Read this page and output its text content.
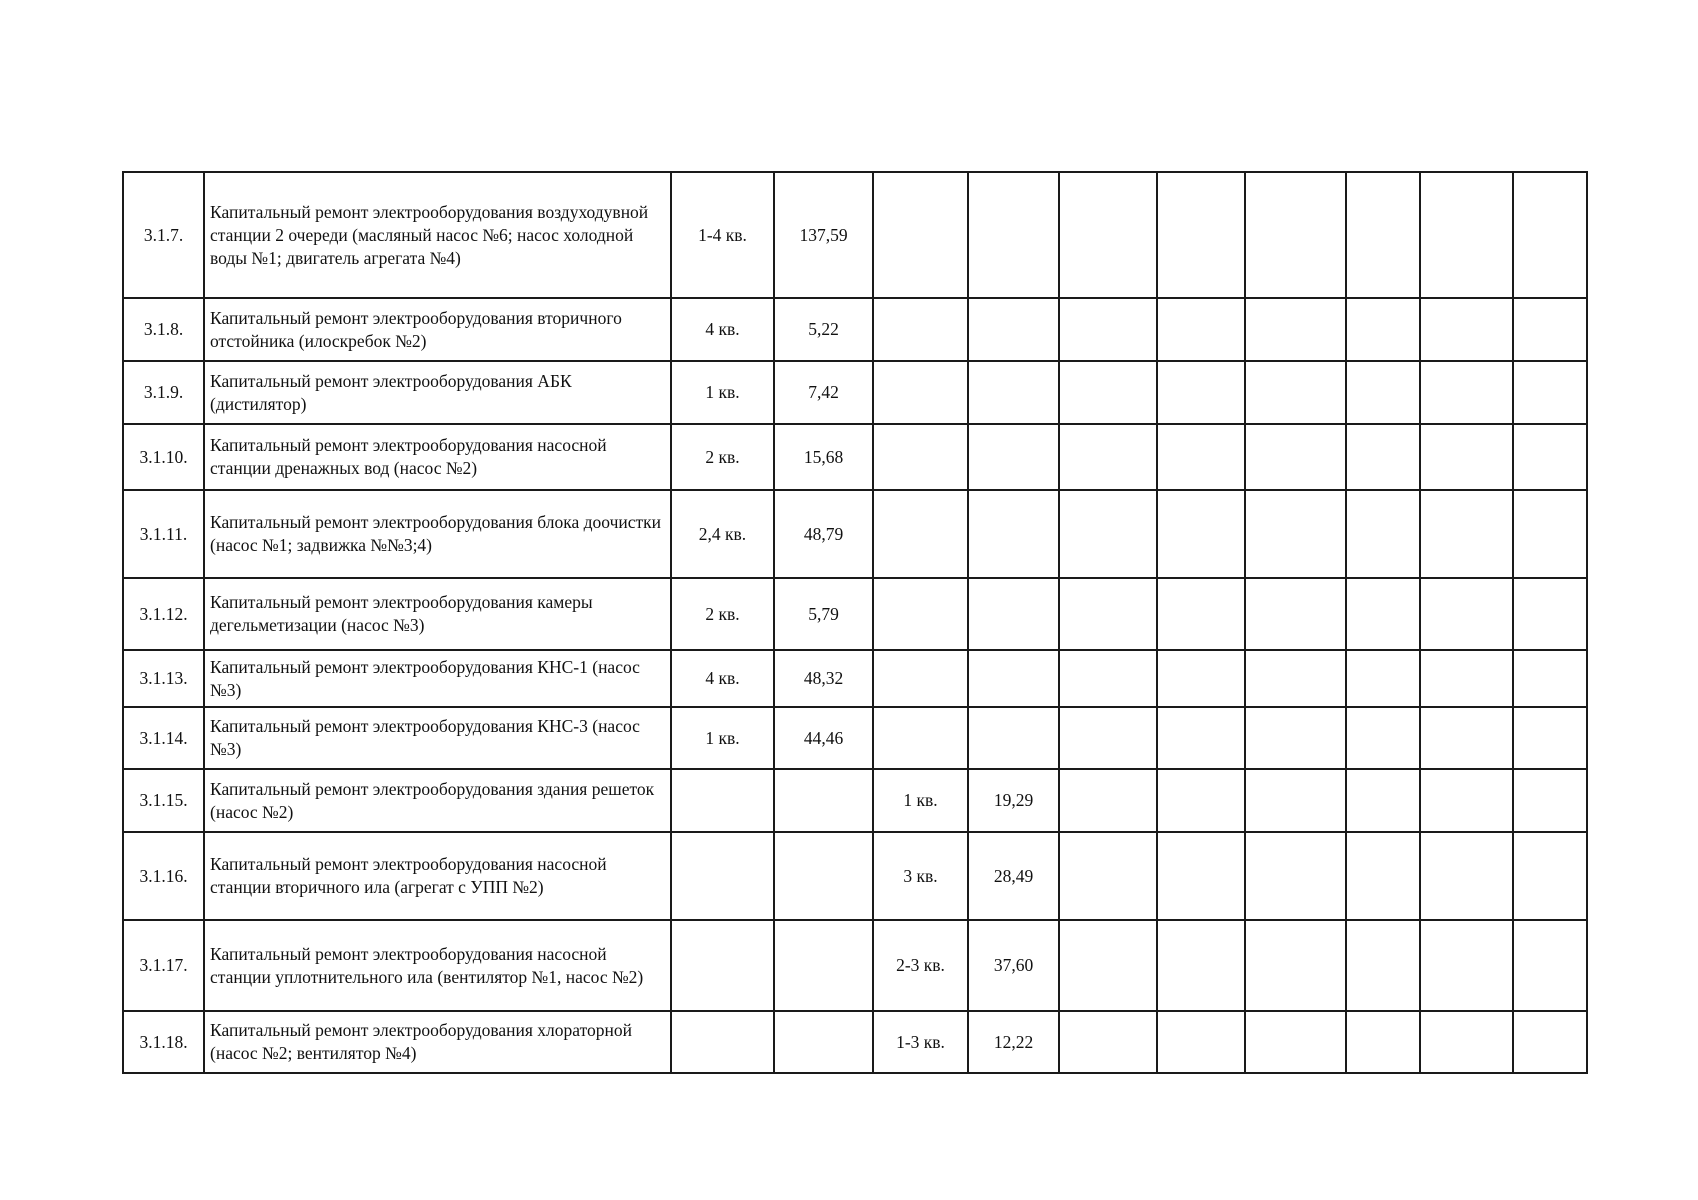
3.1.7.	Капитальный ремонт электрооборудования воздуходувной станции 2 очереди (масляный насос №6; насос холодной воды №1; двигатель агрегата №4)	1-4 кв.	137,59								
3.1.8.	Капитальный ремонт электрооборудования вторичного отстойника (илоскребок №2)	4 кв.	5,22								
3.1.9.	Капитальный ремонт электрооборудования АБК (дистилятор)	1 кв.	7,42								
3.1.10.	Капитальный ремонт электрооборудования насосной станции дренажных вод (насос №2)	2 кв.	15,68								
3.1.11.	Капитальный ремонт электрооборудования блока доочистки (насос №1; задвижка №№3;4)	2,4 кв.	48,79								
3.1.12.	Капитальный ремонт электрооборудования камеры дегельметизации (насос №3)	2 кв.	5,79								
3.1.13.	Капитальный ремонт электрооборудования КНС-1 (насос №3)	4 кв.	48,32								
3.1.14.	Капитальный ремонт электрооборудования КНС-3 (насос №3)	1 кв.	44,46								
3.1.15.	Капитальный ремонт электрооборудования здания решеток (насос №2)			1 кв.	19,29						
3.1.16.	Капитальный ремонт электрооборудования насосной станции вторичного ила (агрегат с УПП №2)			3 кв.	28,49						
3.1.17.	Капитальный ремонт электрооборудования насосной станции уплотнительного ила (вентилятор №1, насос №2)			2-3 кв.	37,60						
3.1.18.	Капитальный ремонт электрооборудования хлораторной (насос №2; вентилятор №4)			1-3 кв.	12,22						
